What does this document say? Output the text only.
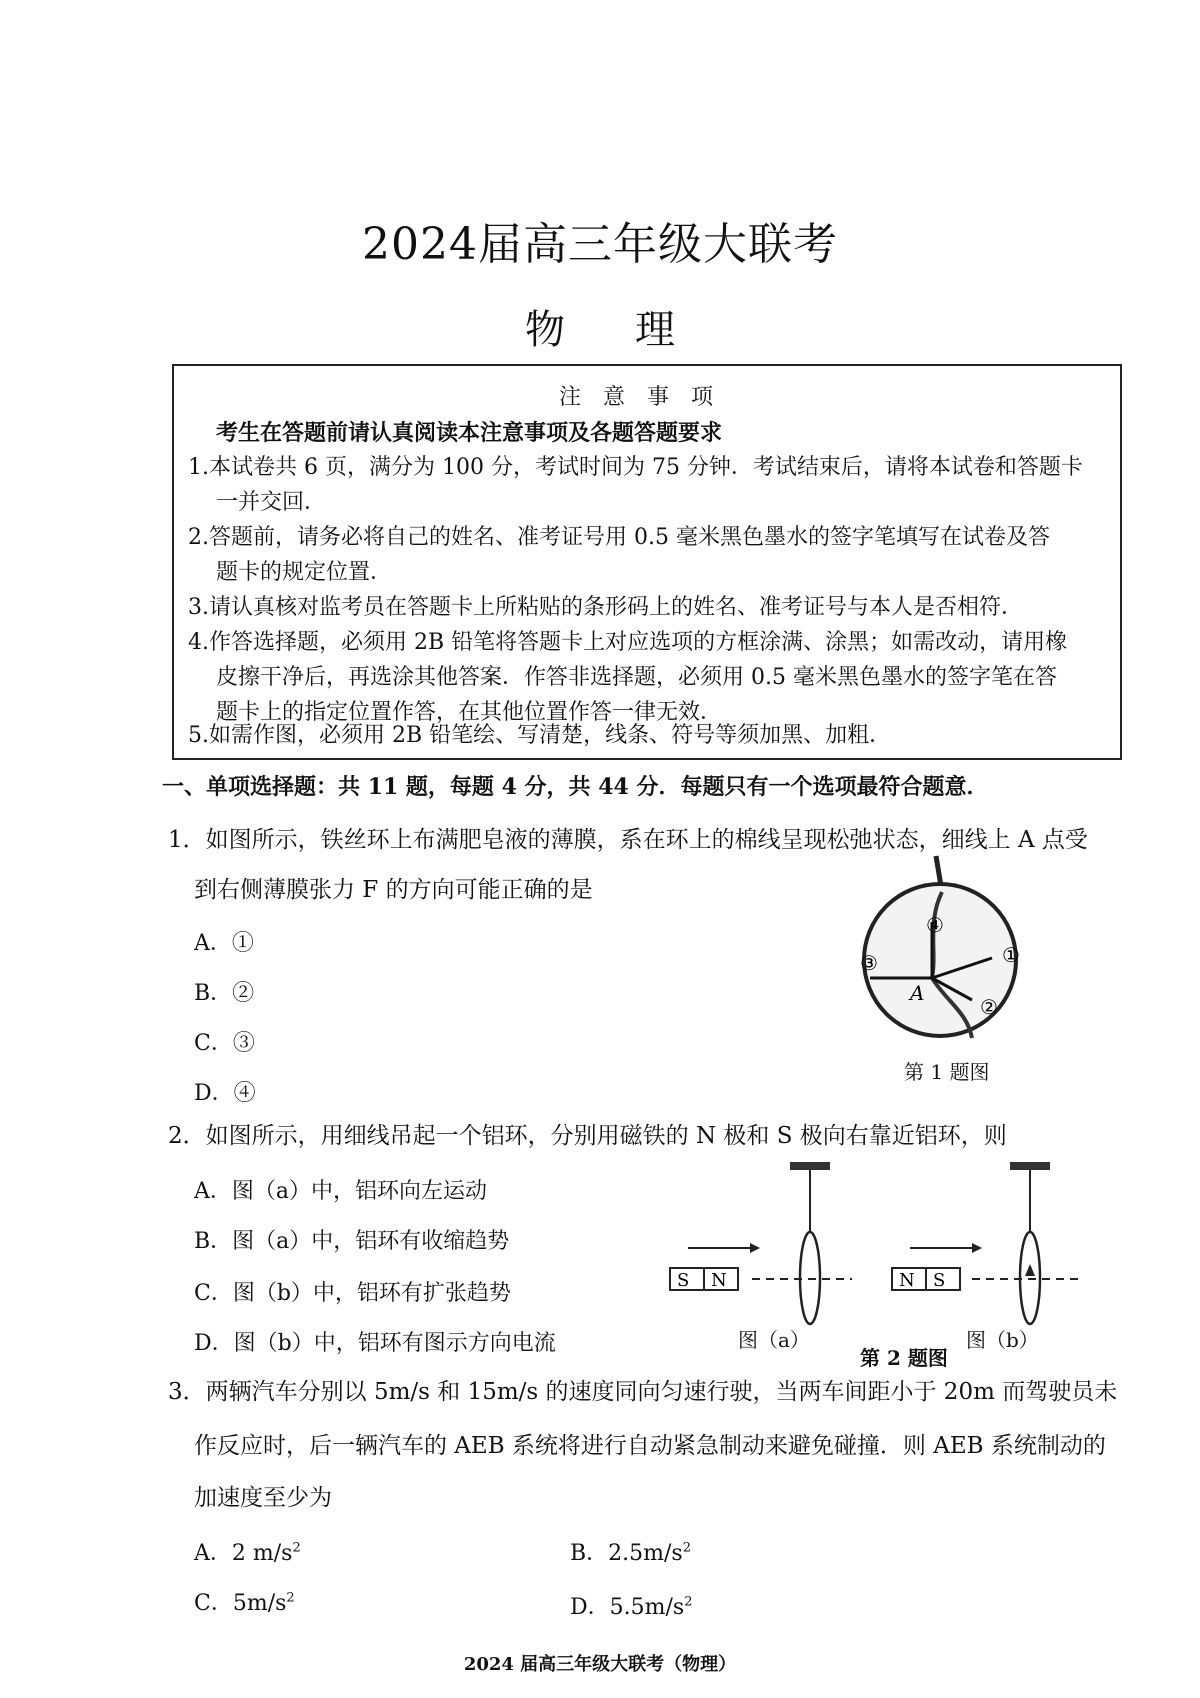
2024届高三年级大联考
物理
注意事项
考生在答题前请认真阅读本注意事项及各题答题要求
1.本试卷共 6 页，满分为 100 分，考试时间为 75 分钟．考试结束后，请将本试卷和答题卡
一并交回．
2.答题前，请务必将自己的姓名、准考证号用 0.5 毫米黑色墨水的签字笔填写在试卷及答
题卡的规定位置．
3.请认真核对监考员在答题卡上所粘贴的条形码上的姓名、准考证号与本人是否相符．
4.作答选择题，必须用 2B 铅笔将答题卡上对应选项的方框涂满、涂黑；如需改动，请用橡
皮擦干净后，再选涂其他答案．作答非选择题，必须用 0.5 毫米黑色墨水的签字笔在答
题卡上的指定位置作答，在其他位置作答一律无效．
5.如需作图，必须用 2B 铅笔绘、写清楚，线条、符号等须加黑、加粗．
一、单项选择题：共 11 题，每题 4 分，共 44 分．每题只有一个选项最符合题意．
1．如图所示，铁丝环上布满肥皂液的薄膜，系在环上的棉线呈现松弛状态，细线上 A 点受
到右侧薄膜张力 F 的方向可能正确的是
A．①
B．②
C．③
D．④
①
②
③
④
A
第 1 题图
2．如图所示，用细线吊起一个铝环，分别用磁铁的 N 极和 S 极向右靠近铝环，则
A．图（a）中，铝环向左运动
B．图（a）中，铝环有收缩趋势
C．图（b）中，铝环有扩张趋势
D．图（b）中，铝环有图示方向电流
S N	N S
图（a）	图（b）
第 2 题图
3．两辆汽车分别以 5m/s 和 15m/s 的速度同向匀速行驶，当两车间距小于 20m 而驾驶员未
作反应时，后一辆汽车的 AEB 系统将进行自动紧急制动来避免碰撞．则 AEB 系统制动的
加速度至少为
A．2 $m/s^2$	B．$2.5m/s^2$
C．$5m/s^2$	D．$5.5m/s^2$
2024 届高三年级大联考（物理）
